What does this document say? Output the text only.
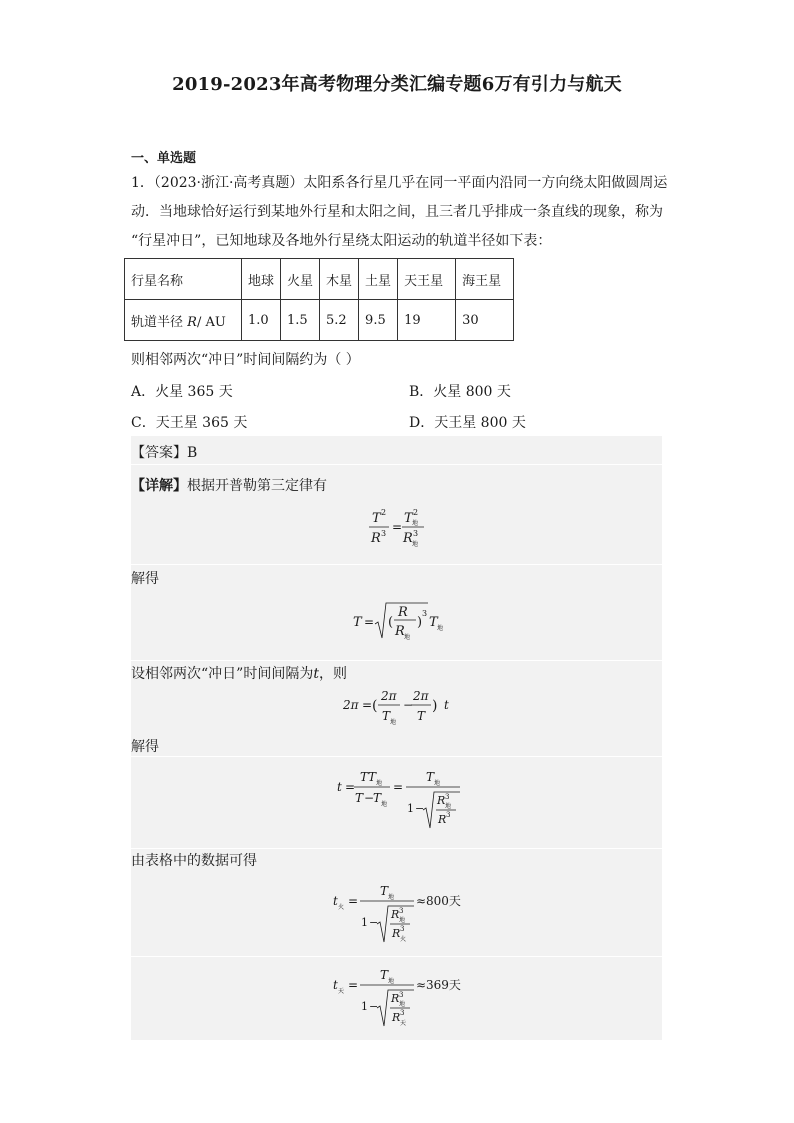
2019-2023年高考物理分类汇编专题6万有引力与航天
一、单选题

1．（2023·浙江·高考真题）太阳系各行星几乎在同一平面内沿同一方向绕太阳做圆周运

动．当地球恰好运行到某地外行星和太阳之间，且三者几乎排成一条直线的现象，称为

“行星冲日”，已知地球及各地外行星绕太阳运动的轨道半径如下表：

行星名称	地球	火星	木星	土星	天王星	海王星
轨道半径 R/ AU	1.0	1.5	5.2	9.5	19	30
则相邻两次“冲日”时间间隔约为（ ）
A．火星 365 天	B．火星 800 天
C．天王星 365 天	D．天王星 800 天
【答案】B
【详解】根据开普勒第三定律有
T 2
R 3 =
T 2
地
R 3
地
解得
T = (
R
R 地
)
3
T 地
设相邻两次“冲日”时间间隔为t，则
2π = (
2π
T 地
−
2π
T
) t
解得
t =
T T 地
T −
T 地
=
T 地
1 −
R 3
地
R 3
由表格中的数据可得
t 火 =
T 地
1 −
R 3
地
R 3
火
≈ 800天
t 天 =
T 地
1 −
R 3
地
R 3
天
≈ 369天
